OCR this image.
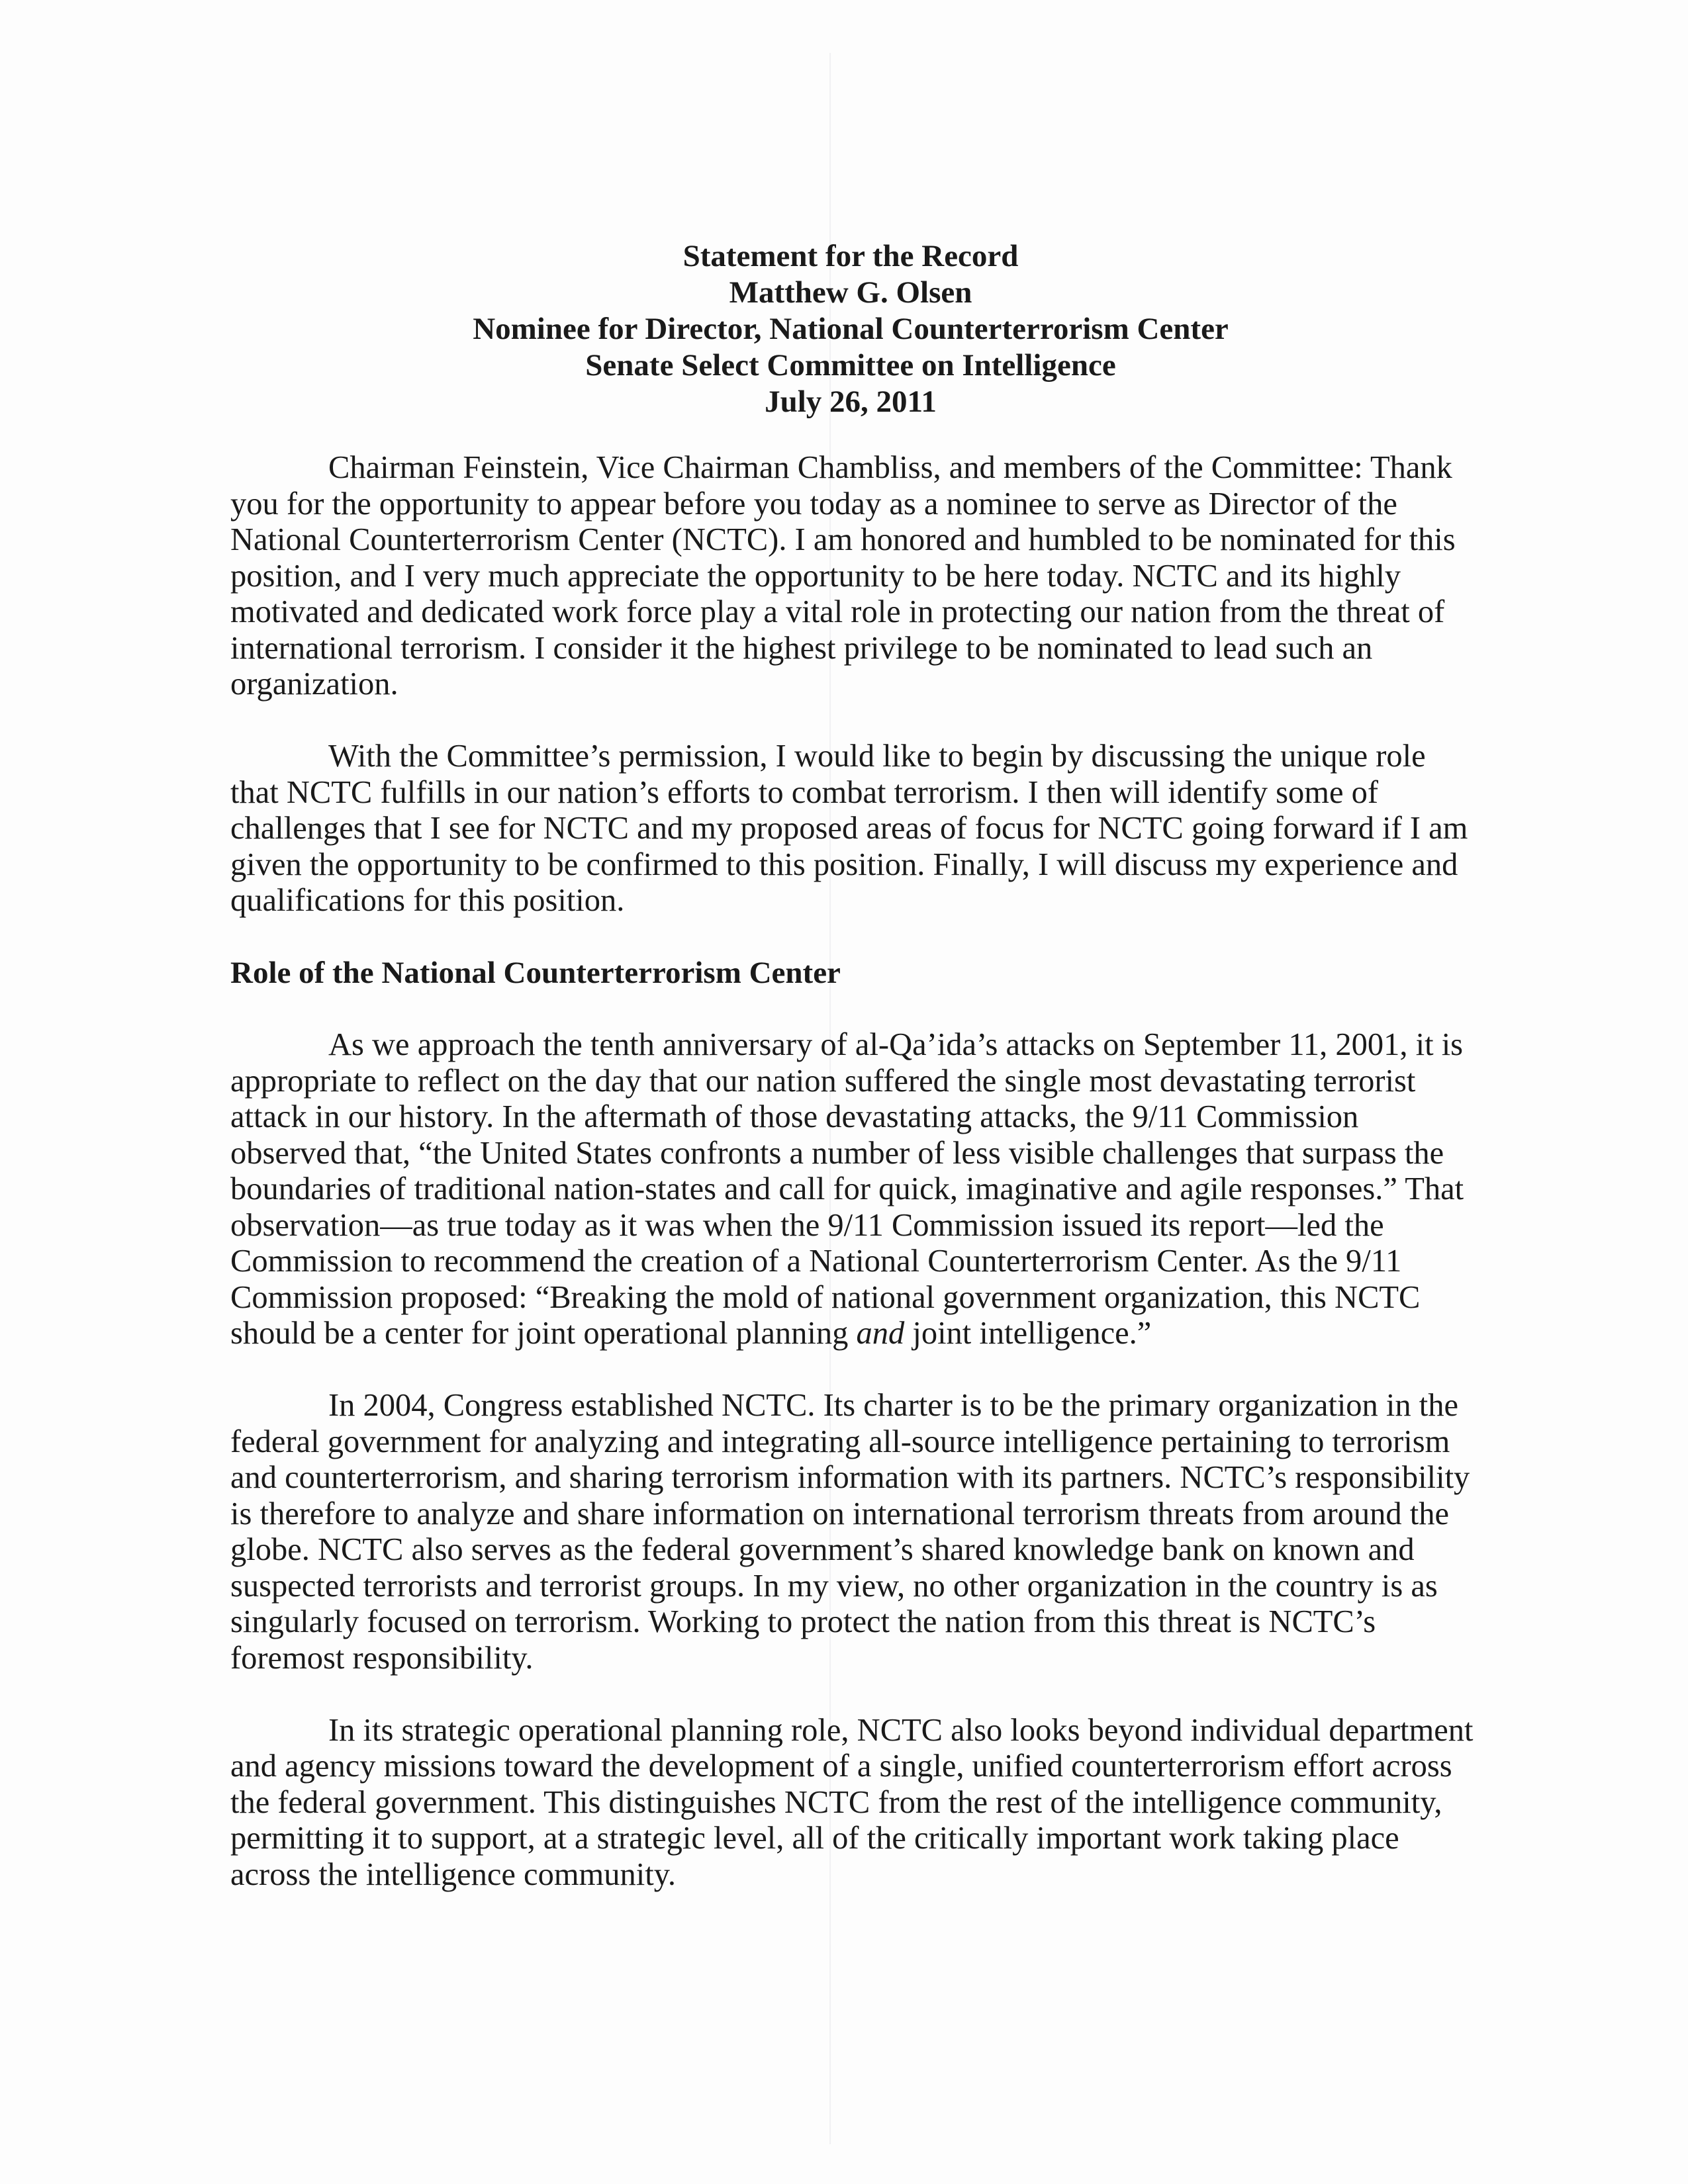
Statement for the Record
Matthew G. Olsen
Nominee for Director, National Counterterrorism Center
Senate Select Committee on Intelligence
July 26, 2011
Chairman Feinstein, Vice Chairman Chambliss, and members of the Committee: Thank
you for the opportunity to appear before you today as a nominee to serve as Director of the
National Counterterrorism Center (NCTC). I am honored and humbled to be nominated for this
position, and I very much appreciate the opportunity to be here today. NCTC and its highly
motivated and dedicated work force play a vital role in protecting our nation from the threat of
international terrorism. I consider it the highest privilege to be nominated to lead such an
organization.
With the Committee’s permission, I would like to begin by discussing the unique role
that NCTC fulfills in our nation’s efforts to combat terrorism. I then will identify some of
challenges that I see for NCTC and my proposed areas of focus for NCTC going forward if I am
given the opportunity to be confirmed to this position. Finally, I will discuss my experience and
qualifications for this position.
Role of the National Counterterrorism Center
As we approach the tenth anniversary of al-Qa’ida’s attacks on September 11, 2001, it is
appropriate to reflect on the day that our nation suffered the single most devastating terrorist
attack in our history. In the aftermath of those devastating attacks, the 9/11 Commission
observed that, “the United States confronts a number of less visible challenges that surpass the
boundaries of traditional nation-states and call for quick, imaginative and agile responses.” That
observation—as true today as it was when the 9/11 Commission issued its report—led the
Commission to recommend the creation of a National Counterterrorism Center. As the 9/11
Commission proposed: “Breaking the mold of national government organization, this NCTC
should be a center for joint operational planning and joint intelligence.”
In 2004, Congress established NCTC. Its charter is to be the primary organization in the
federal government for analyzing and integrating all-source intelligence pertaining to terrorism
and counterterrorism, and sharing terrorism information with its partners. NCTC’s responsibility
is therefore to analyze and share information on international terrorism threats from around the
globe. NCTC also serves as the federal government’s shared knowledge bank on known and
suspected terrorists and terrorist groups. In my view, no other organization in the country is as
singularly focused on terrorism. Working to protect the nation from this threat is NCTC’s
foremost responsibility.
In its strategic operational planning role, NCTC also looks beyond individual department
and agency missions toward the development of a single, unified counterterrorism effort across
the federal government. This distinguishes NCTC from the rest of the intelligence community,
permitting it to support, at a strategic level, all of the critically important work taking place
across the intelligence community.
